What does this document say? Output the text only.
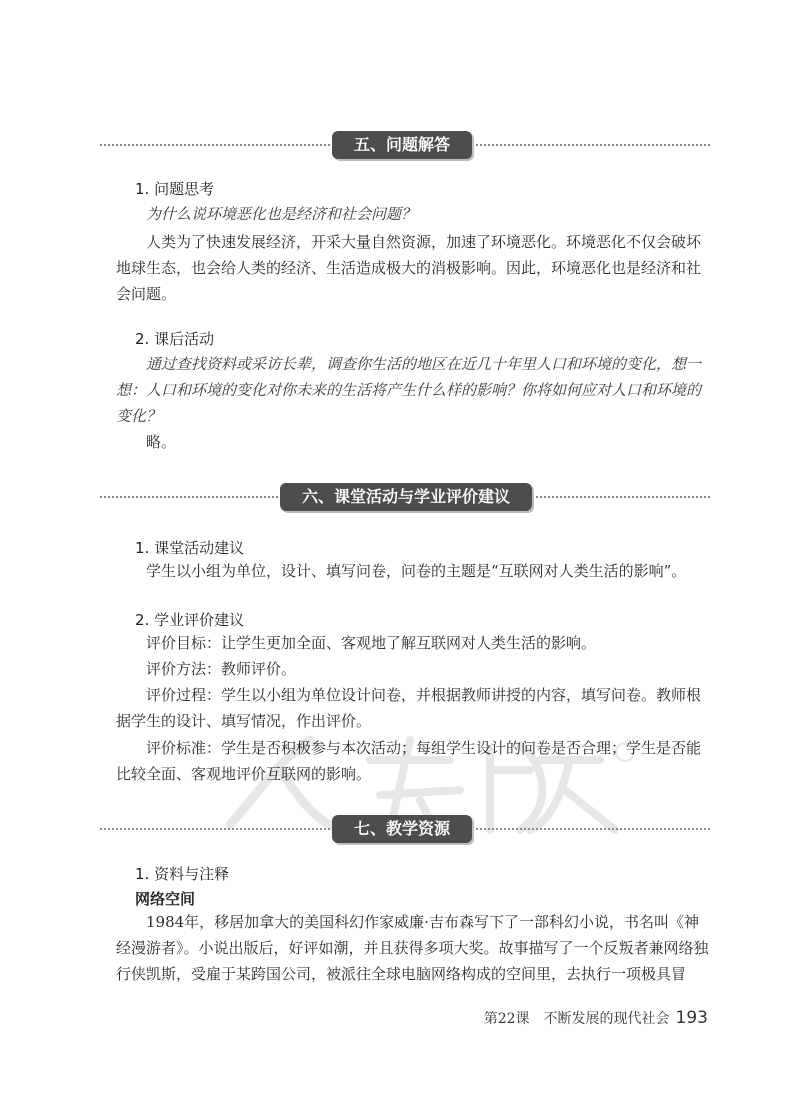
五、问题解答
1. 问题思考

为什么说环境恶化也是经济和社会问题？

人类为了快速发展经济，开采大量自然资源，加速了环境恶化。环境恶化不仅会破坏地球生态，也会给人类的经济、生活造成极大的消极影响。因此，环境恶化也是经济和社会问题。

2. 课后活动

通过查找资料或采访长辈，调查你生活的地区在近几十年里人口和环境的变化，想一想：人口和环境的变化对你未来的生活将产生什么样的影响？你将如何应对人口和环境的变化？

略。

六、课堂活动与学业评价建议
1. 课堂活动建议

学生以小组为单位，设计、填写问卷，问卷的主题是“互联网对人类生活的影响”。

2. 学业评价建议

评价目标：让学生更加全面、客观地了解互联网对人类生活的影响。

评价方法：教师评价。

评价过程：学生以小组为单位设计问卷，并根据教师讲授的内容，填写问卷。教师根据学生的设计、填写情况，作出评价。

评价标准：学生是否积极参与本次活动；每组学生设计的问卷是否合理；学生是否能比较全面、客观地评价互联网的影响。

七、教学资源
1. 资料与注释
网络空间

1984年，移居加拿大的美国科幻作家威廉·吉布森写下了一部科幻小说，书名叫《神经漫游者》。小说出版后，好评如潮，并且获得多项大奖。故事描写了一个反叛者兼网络独行侠凯斯，受雇于某跨国公司，被派往全球电脑网络构成的空间里，去执行一项极具冒

第22课　不断发展的现代社会 193
